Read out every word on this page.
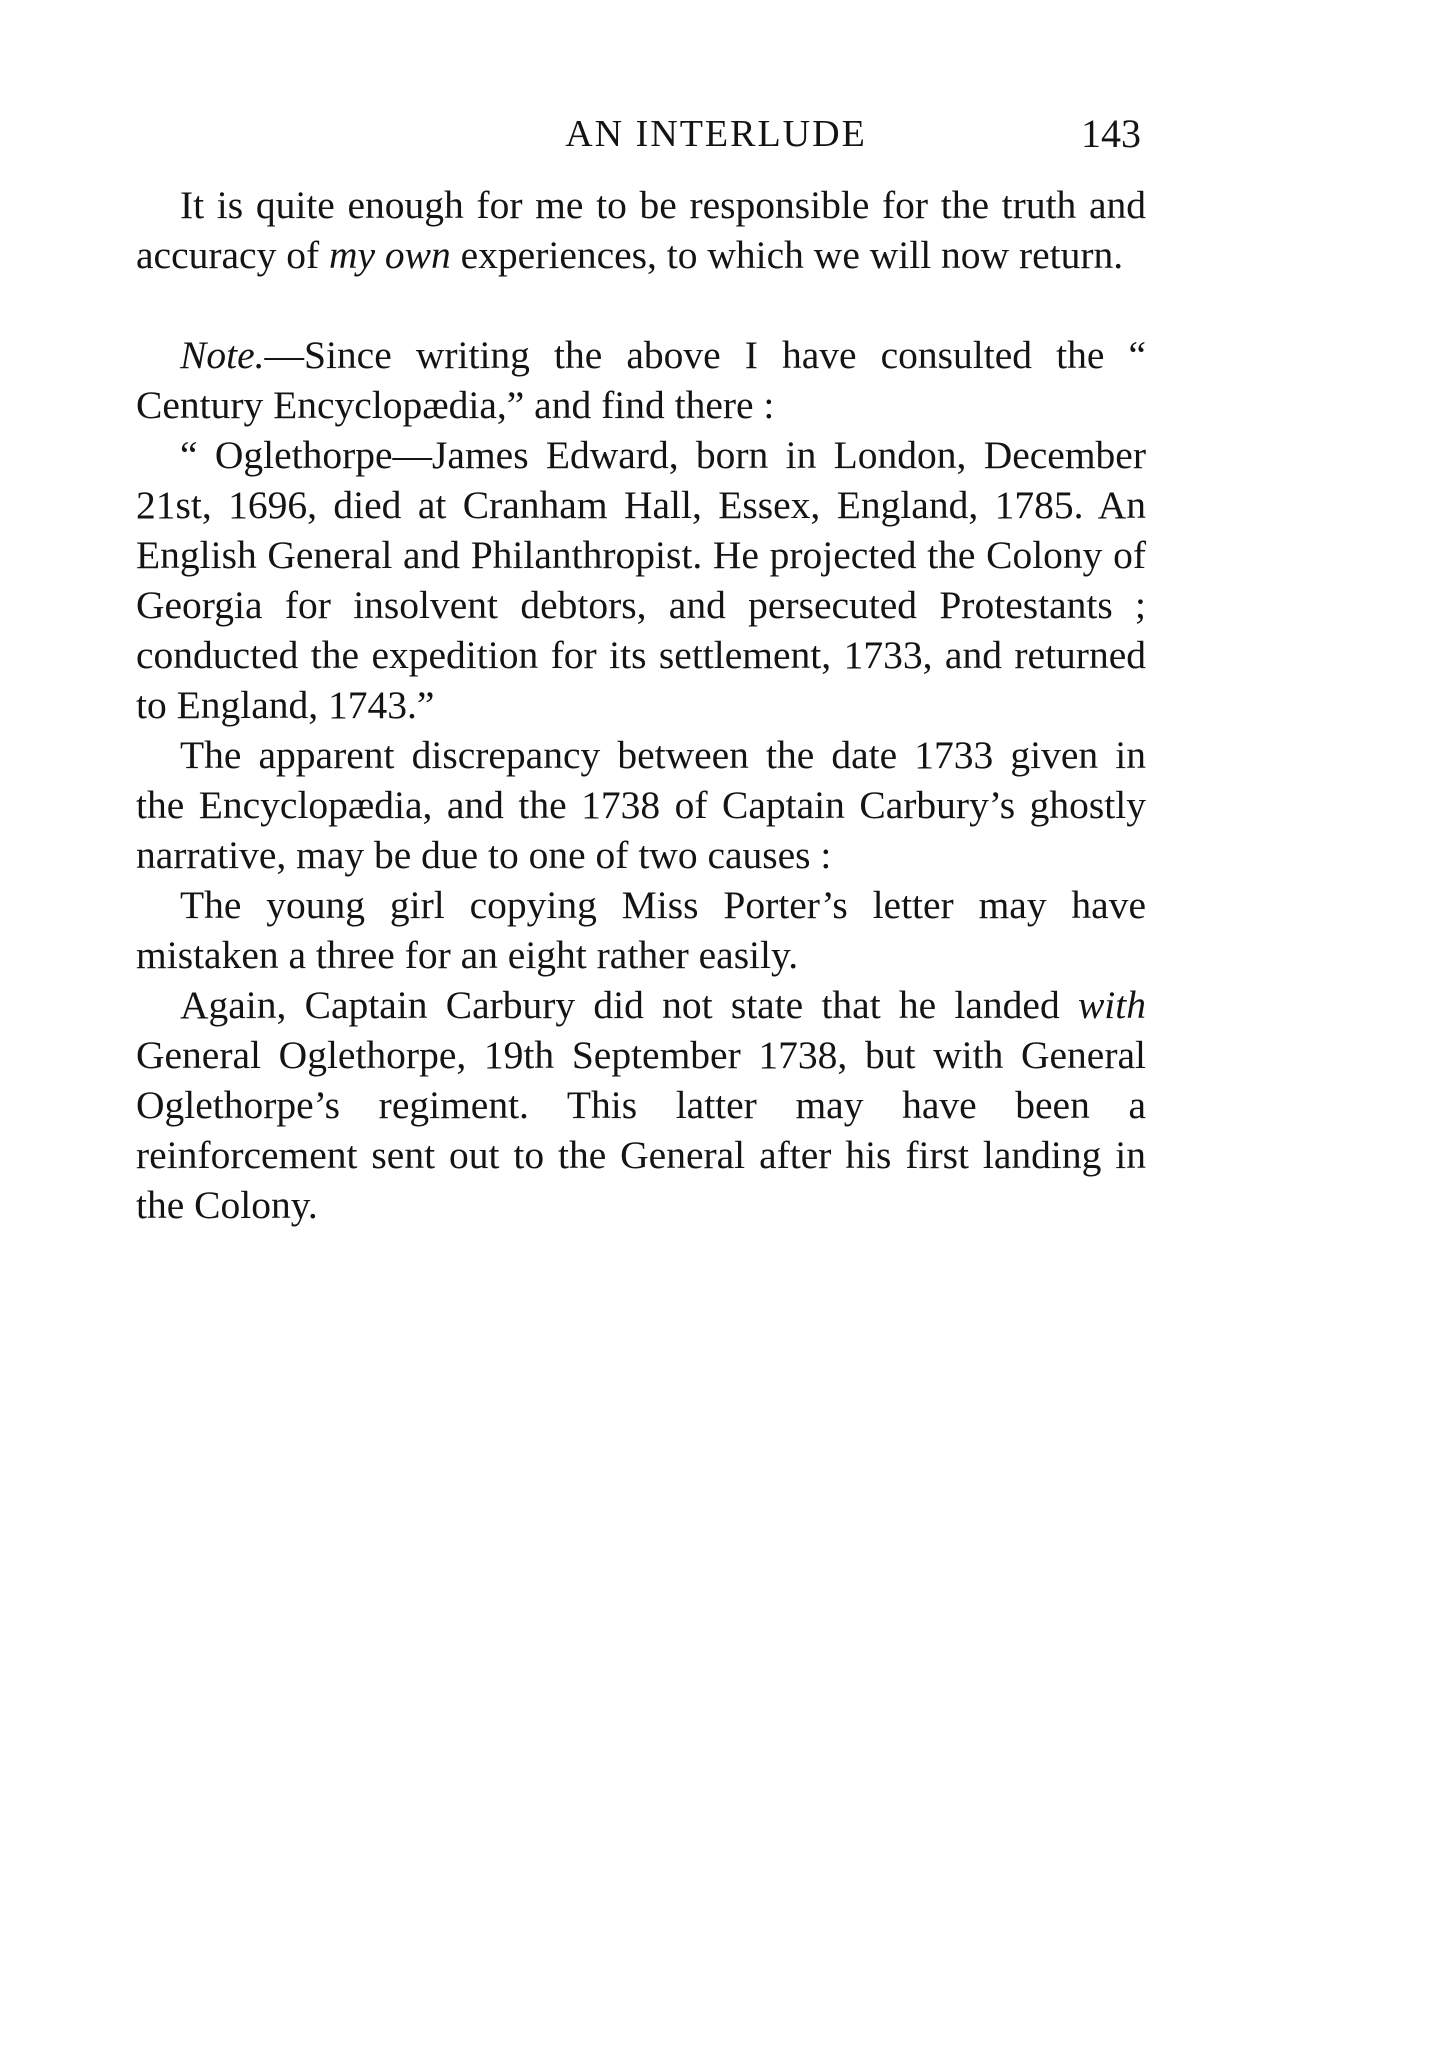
AN INTERLUDE	143

It is quite enough for me to be responsible for the truth and accuracy of my own experiences, to which we will now return.

Note.—Since writing the above I have consulted the “ Century Encyclopædia,” and find there :

“ Oglethorpe—James Edward, born in London, December 21st, 1696, died at Cranham Hall, Essex, England, 1785. An English General and Philanthropist. He projected the Colony of Georgia for insolvent debtors, and persecuted Protestants ; conducted the expedition for its settlement, 1733, and returned to England, 1743.”

The apparent discrepancy between the date 1733 given in the Encyclopædia, and the 1738 of Captain Carbury’s ghostly narrative, may be due to one of two causes :

The young girl copying Miss Porter’s letter may have mistaken a three for an eight rather easily.

Again, Captain Carbury did not state that he landed with General Oglethorpe, 19th September 1738, but with General Oglethorpe’s regiment. This latter may have been a reinforcement sent out to the General after his first landing in the Colony.
